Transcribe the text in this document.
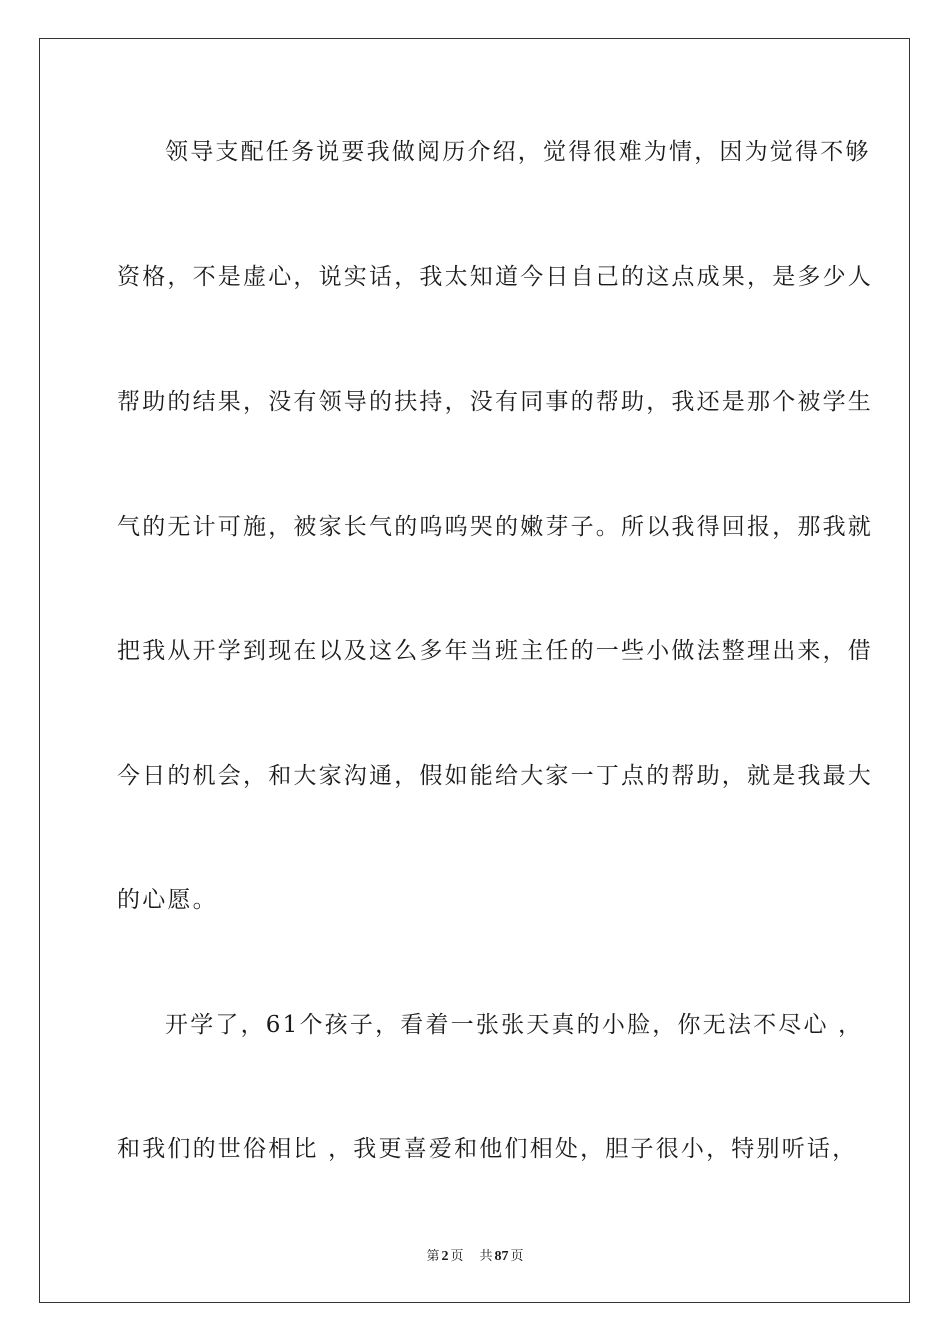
领导支配任务说要我做阅历介绍，觉得很难为情，因为觉得不够
资格，不是虚心，说实话，我太知道今日自己的这点成果，是多少人
帮助的结果，没有领导的扶持，没有同事的帮助，我还是那个被学生
气的无计可施，被家长气的呜呜哭的嫩芽子。所以我得回报，那我就
把我从开学到现在以及这么多年当班主任的一些小做法整理出来，借
今日的机会，和大家沟通，假如能给大家一丁点的帮助，就是我最大
的心愿。
开学了，61个孩子，看着一张张天真的小脸，你无法不尽心 ，
和我们的世俗相比 ，我更喜爱和他们相处，胆子很小，特别听话，
第 2 页 共 87 页
